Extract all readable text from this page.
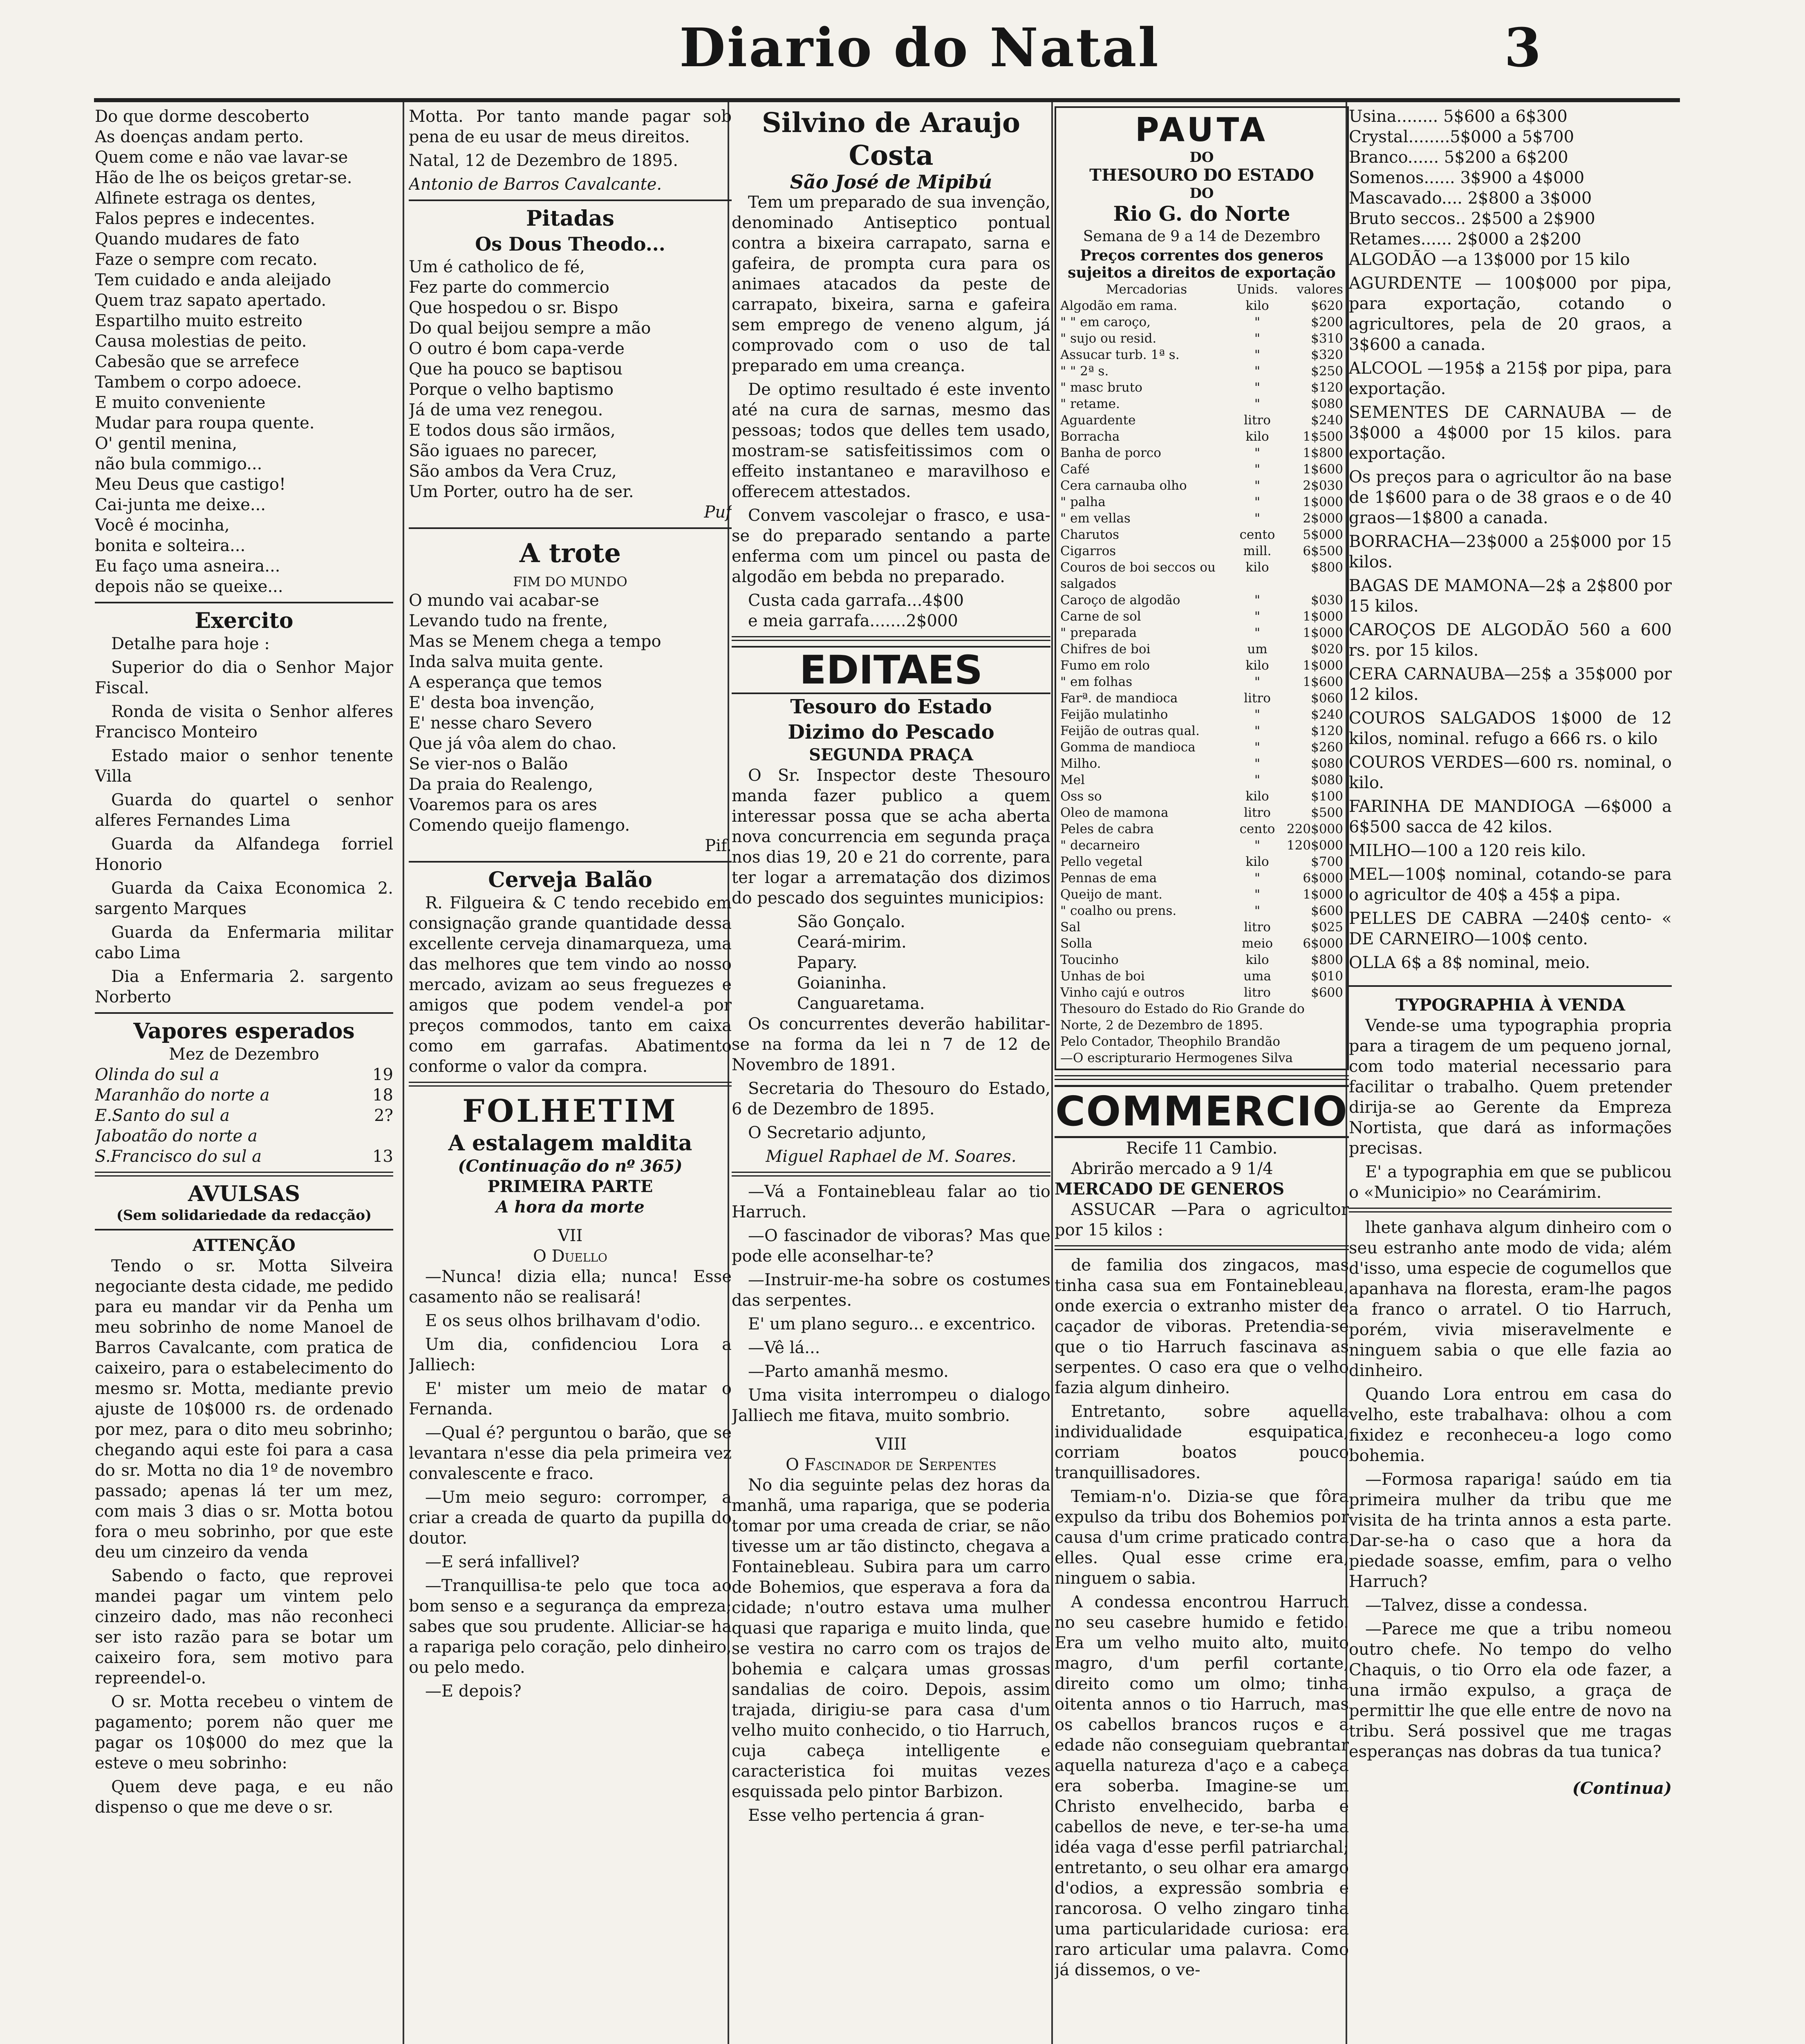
Diario do Natal	3
Do que dorme descoberto
As doenças andam perto.
Quem come e não vae lavar-se
Hão de lhe os beiços gretar-se.
Alfinete estraga os dentes,
Falos pepres e indecentes.
Quando mudares de fato
Faze o sempre com recato.
Tem cuidado e anda aleijado
Quem traz sapato apertado.
Espartilho muito estreito
Causa molestias de peito.
Cabesão que se arrefece
Tambem o corpo adoece.
E muito conveniente
Mudar para roupa quente.
O' gentil menina,
não bula commigo...
Meu Deus que castigo!
Cai-junta me deixe...
Você é mocinha,
bonita e solteira...
Eu faço uma asneira...
depois não se queixe...
Exercito

Detalhe para hoje :

Superior do dia o Senhor Major Fiscal.

Ronda de visita o Senhor alferes Francisco Monteiro

Estado maior o senhor tenente Villa

Guarda do quartel o senhor alferes Fernandes Lima

Guarda da Alfandega forriel Honorio

Guarda da Caixa Economica 2. sargento Marques

Guarda da Enfermaria militar cabo Lima

Dia a Enfermaria 2. sargento Norberto

Vapores esperados
Mez de Dezembro
Olinda do sul a	19
Maranhão do norte a	18
E.Santo do sul a	2?
Jaboatão do norte a
S.Francisco do sul a	13
AVULSAS
(Sem solidariedade da redacção)
ATTENÇÃO

Tendo o sr. Motta Silveira negociante desta cidade, me pedido para eu mandar vir da Penha um meu sobrinho de nome Manoel de Barros Cavalcante, com pratica de caixeiro, para o estabelecimento do mesmo sr. Motta, mediante previo ajuste de 10$000 rs. de ordenado por mez, para o dito meu sobrinho; chegando aqui este foi para a casa do sr. Motta no dia 1º de novembro passado; apenas lá ter um mez, com mais 3 dias o sr. Motta botou fora o meu sobrinho, por que este deu um cinzeiro da venda

Sabendo o facto, que reprovei mandei pagar um vintem pelo cinzeiro dado, mas não reconheci ser isto razão para se botar um caixeiro fora, sem motivo para repreendel-o.

O sr. Motta recebeu o vintem de pagamento; porem não quer me pagar os 10$000 do mez que la esteve o meu sobrinho:

Quem deve paga, e eu não dispenso o que me deve o sr.

Motta. Por tanto mande pagar sob pena de eu usar de meus direitos.

Natal, 12 de Dezembro de 1895.

Antonio de Barros Cavalcante.

Pitadas
Os Dous Theodo...
Um é catholico de fé,
Fez parte do commercio
Que hospedou o sr. Bispo
Do qual beijou sempre a mão
O outro é bom capa-verde
Que ha pouco se baptisou
Porque o velho baptismo
Já de uma vez renegou.
E todos dous são irmãos,
São iguaes no parecer,
São ambos da Vera Cruz,
Um Porter, outro ha de ser.

Puf

A trote
FIM DO MUNDO
O mundo vai acabar-se
Levando tudo na frente,
Mas se Menem chega a tempo
Inda salva muita gente.
A esperança que temos
E' desta boa invenção,
E' nesse charo Severo
Que já vôa alem do chao.
Se vier-nos o Balão
Da praia do Realengo,
Voaremos para os ares
Comendo queijo flamengo.

Pif.

Cerveja Balão

R. Filgueira & C tendo recebido em consignação grande quantidade dessa excellente cerveja dinamarqueza, uma das melhores que tem vindo ao nosso mercado, avizam ao seus freguezes e amigos que podem vendel-a por preços commodos, tanto em caixa como em garrafas. Abatimento conforme o valor da compra.

FOLHETIM
A estalagem maldita
(Continuação do nº 365)
PRIMEIRA PARTE
A hora da morte
VII
O Duello

—Nunca! dizia ella; nunca! Esse casamento não se realisará!

E os seus olhos brilhavam d'odio.

Um dia, confidenciou Lora a Jalliech:

E' mister um meio de matar o Fernanda.

—Qual é? perguntou o barão, que se levantara n'esse dia pela primeira vez convalescente e fraco.

—Um meio seguro: corromper, a criar a creada de quarto da pupilla do doutor.

—E será infallivel?

—Tranquillisa-te pelo que toca ao bom senso e a segurança da empreza; sabes que sou prudente. Alliciar-se ha a rapariga pelo coração, pelo dinheiro, ou pelo medo.

—E depois?

Silvino de Araujo Costa
São José de Mipibú

Tem um preparado de sua invenção, denominado Antiseptico pontual contra a bixeira carrapato, sarna e gafeira, de prompta cura para os animaes atacados da peste de carrapato, bixeira, sarna e gafeira sem emprego de veneno algum, já comprovado com o uso de tal preparado em uma creança.

De optimo resultado é este invento até na cura de sarnas, mesmo das pessoas; todos que delles tem usado, mostram-se satisfeitissimos com o effeito instantaneo e maravilhoso e offerecem attestados.

Convem vascolejar o frasco, e usa-se do preparado sentando a parte enferma com um pincel ou pasta de algodão em bebda no preparado.

Custa cada garrafa...4$00

e meia garrafa.......2$000

EDITAES
Tesouro do Estado
Dizimo do Pescado
SEGUNDA PRAÇA

O Sr. Inspector deste Thesouro manda fazer publico a quem interessar possa que se acha aberta nova concurrencia em segunda praça nos dias 19, 20 e 21 do corrente, para ter logar a arrematação dos dizimos do pescado dos seguintes municipios:

São Gonçalo.
Ceará-mirim.
Papary.
Goianinha.
Canguaretama.

Os concurrentes deverão habilitar-se na forma da lei n 7 de 12 de Novembro de 1891.

Secretaria do Thesouro do Estado, 6 de Dezembro de 1895.

O Secretario adjunto,

Miguel Raphael de M. Soares.

—Vá a Fontainebleau falar ao tio Harruch.

—O fascinador de viboras? Mas que pode elle aconselhar-te?

—Instruir-me-ha sobre os costumes das serpentes.

E' um plano seguro... e excentrico.

—Vê lá...

—Parto amanhã mesmo.

Uma visita interrompeu o dialogo Jalliech me fitava, muito sombrio.

VIII
O Fascinador de Serpentes

No dia seguinte pelas dez horas da manhã, uma rapariga, que se poderia tomar por uma creada de criar, se não tivesse um ar tão distincto, chegava a Fontainebleau. Subira para um carro de Bohemios, que esperava a fora da cidade; n'outro estava uma mulher quasi que rapariga e muito linda, que se vestira no carro com os trajos de bohemia e calçara umas grossas sandalias de coiro. Depois, assim trajada, dirigiu-se para casa d'um velho muito conhecido, o tio Harruch, cuja cabeça intelligente e caracteristica foi muitas vezes esquissada pelo pintor Barbizon.

Esse velho pertencia á gran-

PAUTA
DO
THESOURO DO ESTADO
DO
Rio G. do Norte
Semana de 9 a 14 de Dezembro
Preços correntes dos generos sujeitos a direitos de exportação
Mercadorias	Unids.	valores
Algodão em rama.	kilo	$620
" " em caroço,	"	$200
" sujo ou resid.	"	$310
Assucar turb. 1ª s.	"	$320
" " 2ª s.	"	$250
" masc bruto	"	$120
" retame.	"	$080
Aguardente	litro	$240
Borracha	kilo	1$500
Banha de porco	"	1$800
Café	"	1$600
Cera carnauba olho	"	2$030
" palha	"	1$000
" em vellas	"	2$000
Charutos	cento	5$000
Cigarros	mill.	6$500
Couros de boi seccos ou salgados	kilo	$800
Caroço de algodão	"	$030
Carne de sol	"	1$000
" preparada	"	1$000
Chifres de boi	um	$020
Fumo em rolo	kilo	1$000
" em folhas	"	1$600
Farª. de mandioca	litro	$060
Feijão mulatinho	"	$240
Feijão de outras qual.	"	$120
Gomma de mandioca	"	$260
Milho.	"	$080
Mel	"	$080
Oss so	kilo	$100
Oleo de mamona	litro	$500
Peles de cabra	cento	220$000
" decarneiro	"	120$000
Pello vegetal	kilo	$700
Pennas de ema	"	6$000
Queijo de mant.	"	1$000
" coalho ou prens.	"	$600
Sal	litro	$025
Solla	meio	6$000
Toucinho	kilo	$800
Unhas de boi	uma	$010
Vinho cajú e outros	litro	$600
Thesouro do Estado do Rio Grande do Norte, 2 de Dezembro de 1895.
Pelo Contador, Theophilo Brandão
—O escripturario Hermogenes Silva
COMMERCIO
Recife 11 Cambio.

Abrirão mercado a 9 1/4

MERCADO DE GENEROS

ASSUCAR —Para o agricultor por 15 kilos :

de familia dos zingacos, mas tinha casa sua em Fontainebleau, onde exercia o extranho mister de caçador de viboras. Pretendia-se que o tio Harruch fascinava as serpentes. O caso era que o velho fazia algum dinheiro.

Entretanto, sobre aquella individualidade esquipatica, corriam boatos pouco tranquillisadores.

Temiam-n'o. Dizia-se que fôra expulso da tribu dos Bohemios por causa d'um crime praticado contra elles. Qual esse crime era, ninguem o sabia.

A condessa encontrou Harruch no seu casebre humido e fetido. Era um velho muito alto, muito magro, d'um perfil cortante, direito como um olmo; tinha oitenta annos o tio Harruch, mas os cabellos brancos ruços e a edade não conseguiam quebrantar aquella natureza d'aço e a cabeça era soberba. Imagine-se um Christo envelhecido, barba e cabellos de neve, e ter-se-ha uma idéa vaga d'esse perfil patriarchal; entretanto, o seu olhar era amargo d'odios, a expressão sombria e rancorosa. O velho zingaro tinha uma particularidade curiosa: era raro articular uma palavra. Como já dissemos, o ve-

Usina........ 5$600 a 6$300
Crystal........5$000 a 5$700
Branco...... 5$200 a 6$200
Somenos...... 3$900 a 4$000
Mascavado.... 2$800 a 3$000
Bruto seccos.. 2$500 a 2$900
Retames...... 2$000 a 2$200

ALGODÃO —a 13$000 por 15 kilo

AGURDENTE — 100$000 por pipa, para exportação, cotando o agricultores, pela de 20 graos, a 3$600 a canada.

ALCOOL —195$ a 215$ por pipa, para exportação.

SEMENTES DE CARNAUBA — de 3$000 a 4$000 por 15 kilos. para exportação.

Os preços para o agricultor ão na base de 1$600 para o de 38 graos e o de 40 graos—1$800 a canada.

BORRACHA—23$000 a 25$000 por 15 kilos.

BAGAS DE MAMONA—2$ a 2$800 por 15 kilos.

CAROÇOS DE ALGODÃO 560 a 600 rs. por 15 kilos.

CERA CARNAUBA—25$ a 35$000 por 12 kilos.

COUROS SALGADOS 1$000 de 12 kilos, nominal. refugo a 666 rs. o kilo

COUROS VERDES—600 rs. nominal, o kilo.

FARINHA DE MANDIOGA —6$000 a 6$500 sacca de 42 kilos.

MILHO—100 a 120 reis kilo.

MEL—100$ nominal, cotando-se para o agricultor de 40$ a 45$ a pipa.

PELLES DE CABRA —240$ cento- « DE CARNEIRO—100$ cento.

OLLA 6$ a 8$ nominal, meio.

TYPOGRAPHIA À VENDA

Vende-se uma typographia propria para a tiragem de um pequeno jornal, com todo material necessario para facilitar o trabalho. Quem pretender dirija-se ao Gerente da Empreza Nortista, que dará as informações precisas.

E' a typographia em que se publicou o «Municipio» no Cearámirim.

lhete ganhava algum dinheiro com o seu estranho ante modo de vida; além d'isso, uma especie de cogumellos que apanhava na floresta, eram-lhe pagos a franco o arratel. O tio Harruch, porém, vivia miseravelmente e ninguem sabia o que elle fazia ao dinheiro.

Quando Lora entrou em casa do velho, este trabalhava: olhou a com fixidez e reconheceu-a logo como bohemia.

—Formosa rapariga! saúdo em tia primeira mulher da tribu que me visita de ha trinta annos a esta parte. Dar-se-ha o caso que a hora da piedade soasse, emfim, para o velho Harruch?

—Talvez, disse a condessa.

—Parece me que a tribu nomeou outro chefe. No tempo do velho Chaquis, o tio Orro ela ode fazer, a una irmão expulso, a graça de permittir lhe que elle entre de novo na tribu. Será possivel que me tragas esperanças nas dobras da tua tunica?

(Continua)
